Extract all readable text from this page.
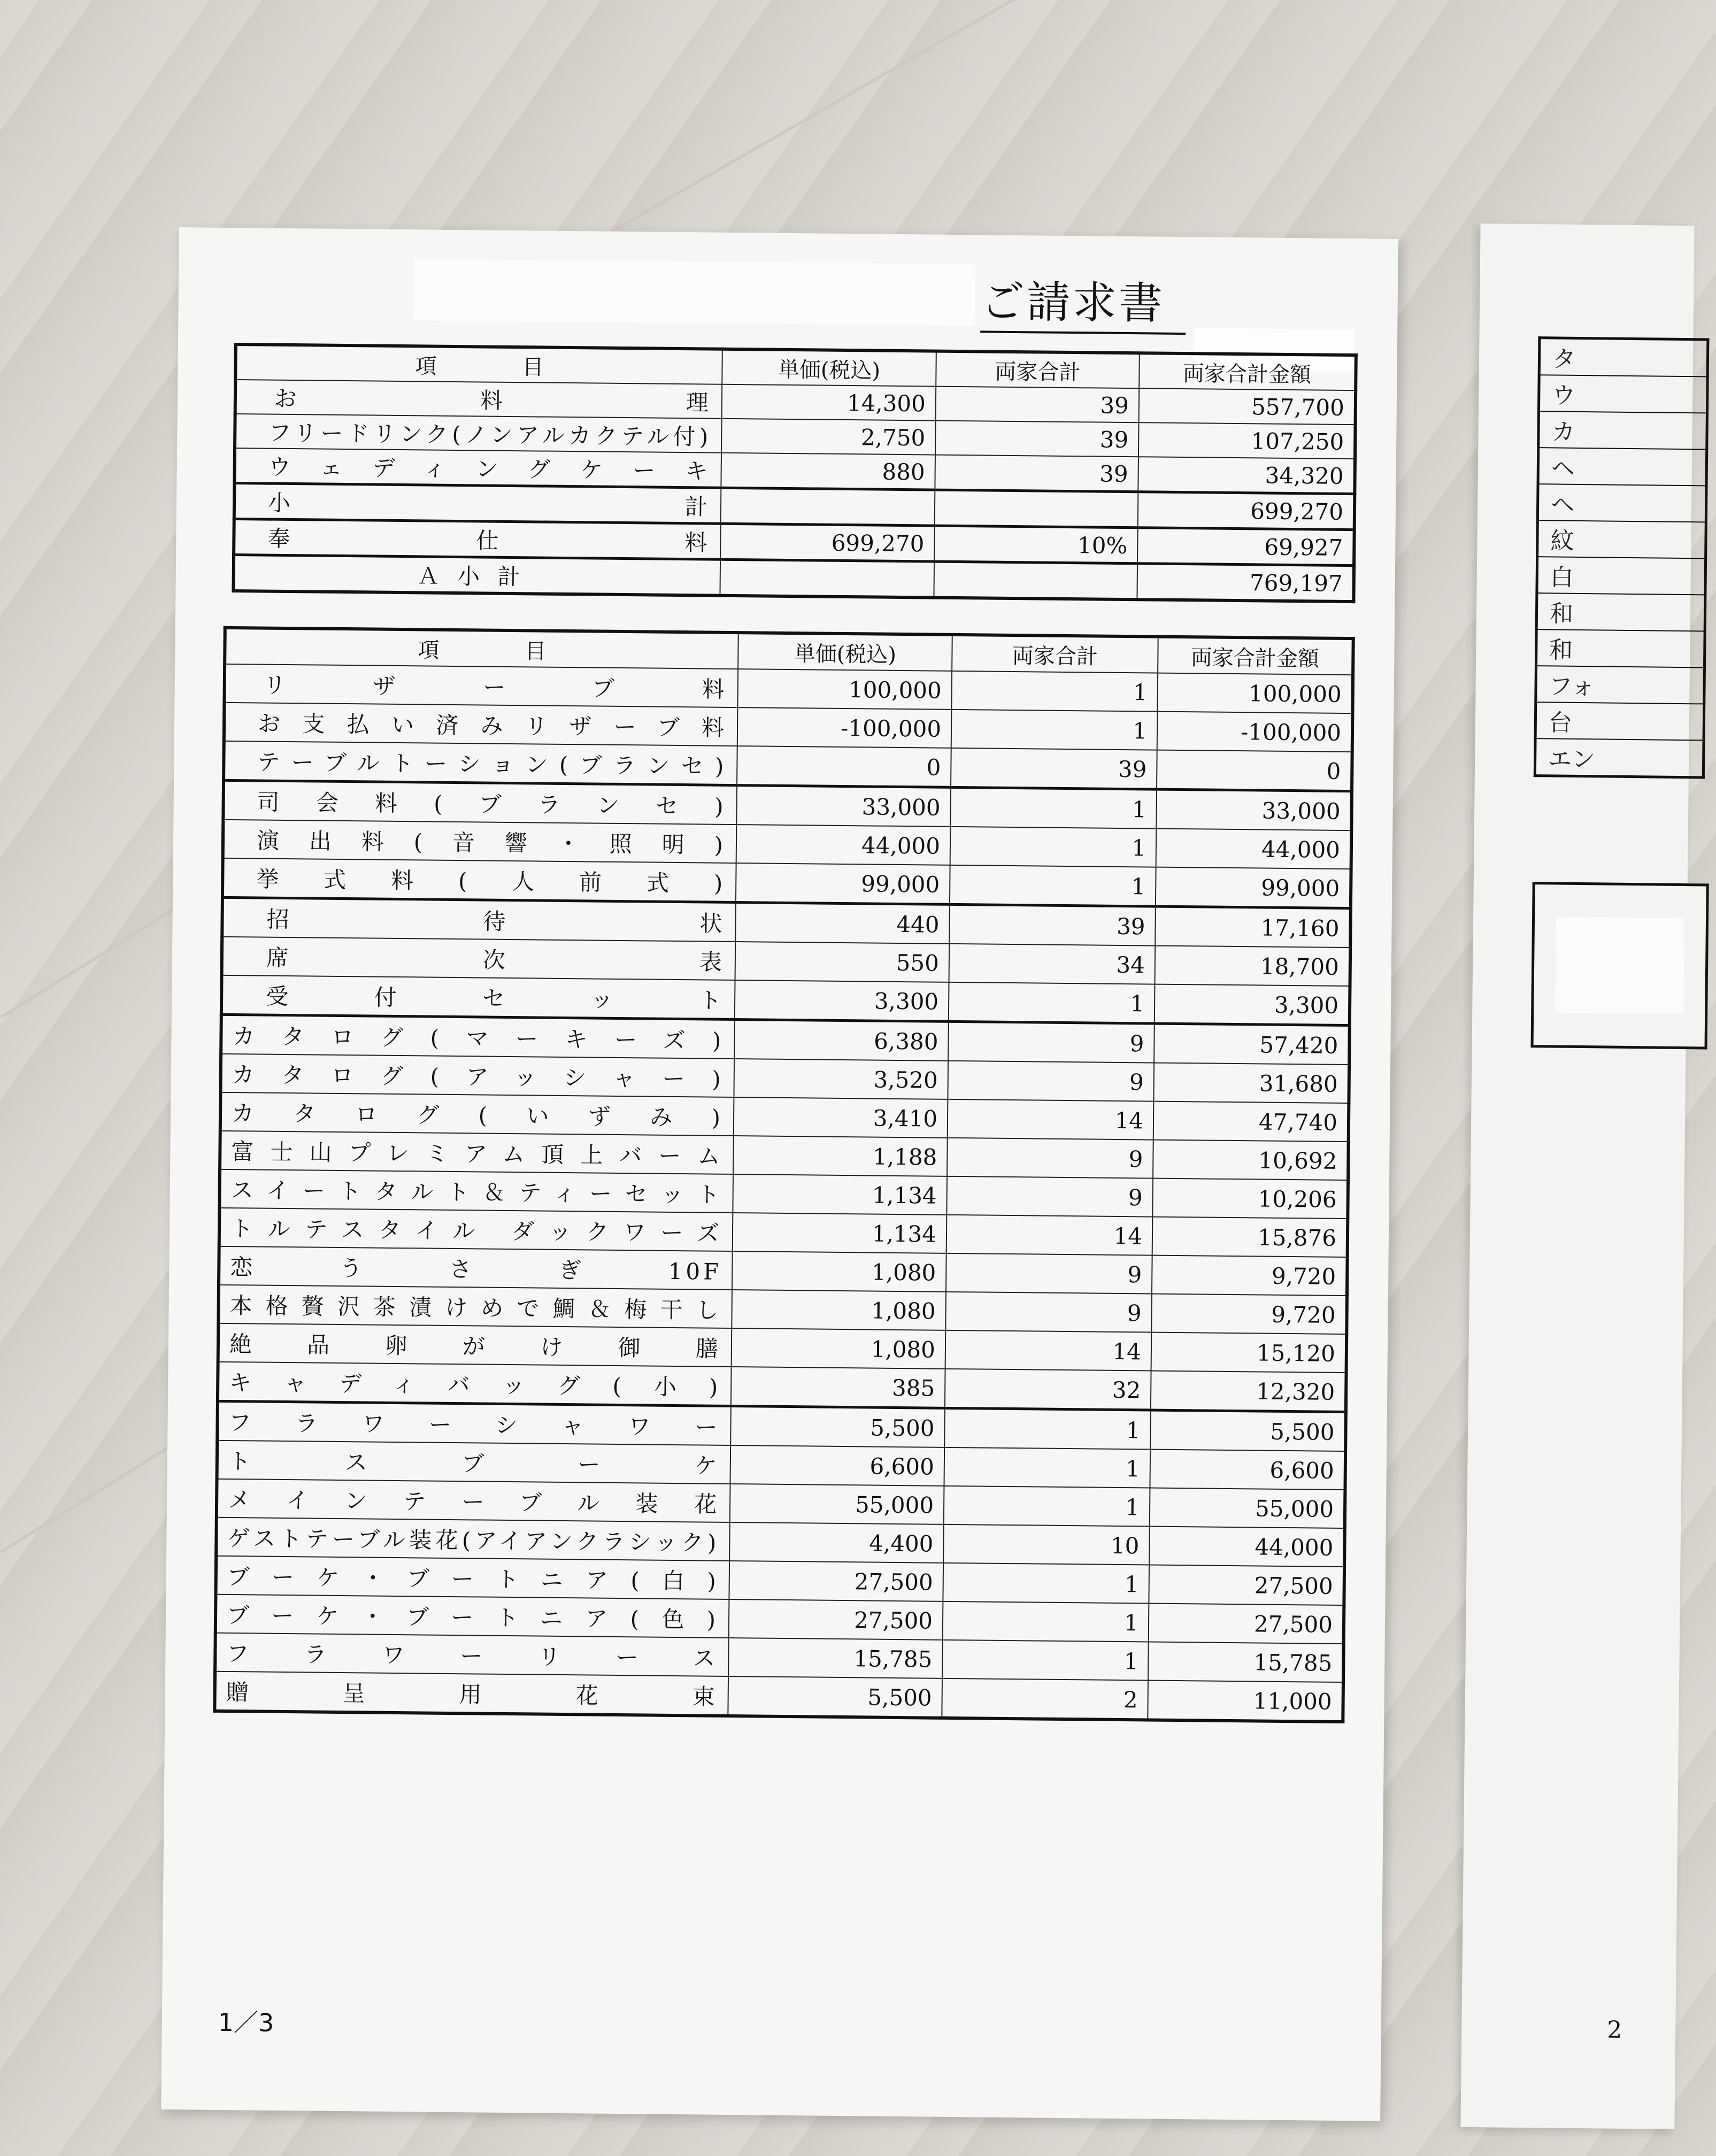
タ
ウ
カ
ヘ
ヘ
紋
白
和
和
フォ
台
エン
2
ご請求書
項　　　　目	単価(税込)	両家合計	両家合計金額
お料理	14,300	39	557,700
フリードリンク(ノンアルカクテル付)	2,750	39	107,250
ウェディングケーキ	880	39	34,320
小計			699,270
奉仕料	699,270	10%	69,927
Ａ 小 計			769,197
項　　　　目	単価(税込)	両家合計	両家合計金額
リザーブ料	100,000	1	100,000
お支払い済みリザーブ料	-100,000	1	-100,000
テーブルトーション(ブランセ)	0	39	0
司会料(ブランセ)	33,000	1	33,000
演出料(音響・照明)	44,000	1	44,000
挙式料(人前式)	99,000	1	99,000
招待状	440	39	17,160
席次表	550	34	18,700
受付セット	3,300	1	3,300
カタログ(マーキーズ)	6,380	9	57,420
カタログ(アッシャー)	3,520	9	31,680
カタログ(いずみ)	3,410	14	47,740
富士山プレミアム頂上バーム	1,188	9	10,692
スイートタルト＆ティーセット	1,134	9	10,206
トルテスタイル ダックワーズ	1,134	14	15,876
恋うさぎ10F	1,080	9	9,720
本格贅沢茶漬けめで鯛＆梅干し	1,080	9	9,720
絶品卵がけ御膳	1,080	14	15,120
キャディバッグ(小)	385	32	12,320
フラワーシャワー	5,500	1	5,500
トスブーケ	6,600	1	6,600
メインテーブル装花	55,000	1	55,000
ゲストテーブル装花(アイアンクラシック)	4,400	10	44,000
ブーケ・ブートニア(白)	27,500	1	27,500
ブーケ・ブートニア(色)	27,500	1	27,500
フラワーリース	15,785	1	15,785
贈呈用花束	5,500	2	11,000
1／3
